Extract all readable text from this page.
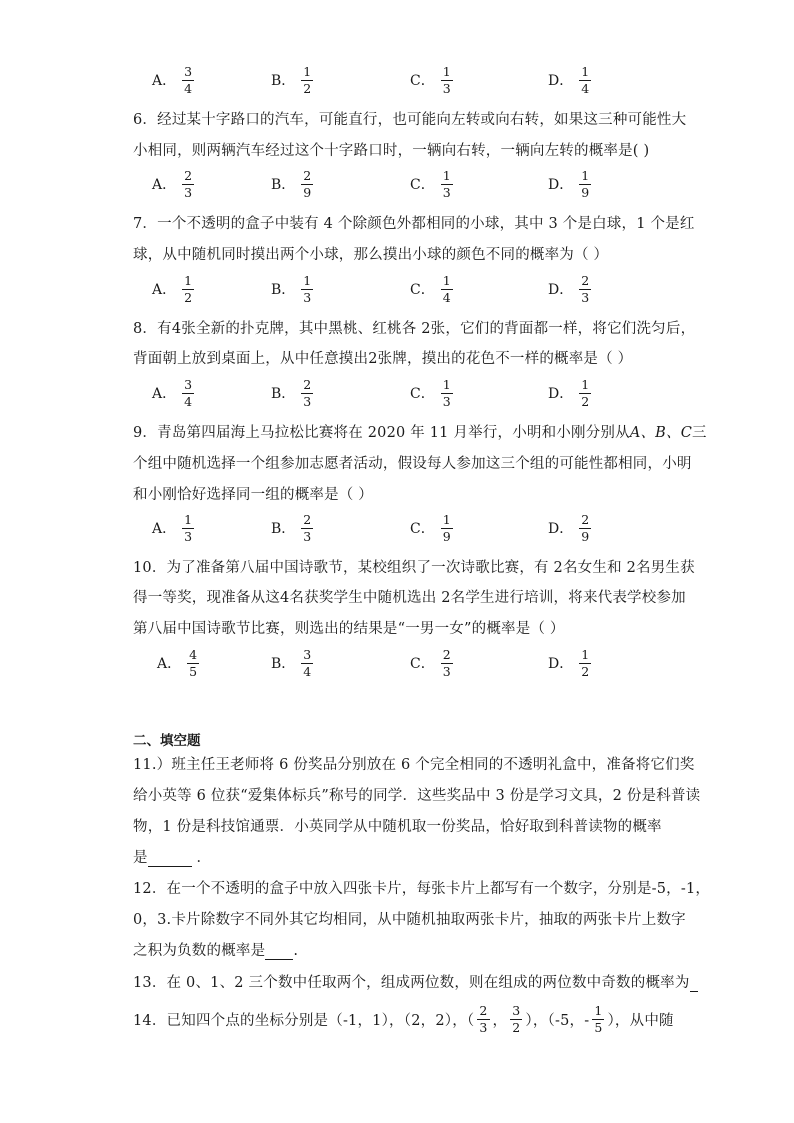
A． $\frac{3}{4}$	B． $\frac{1}{2}$	C． $\frac{1}{3}$	D． $\frac{1}{4}$
6．经过某十字路口的汽车，可能直行，也可能向左转或向右转，如果这三种可能性大
小相同，则两辆汽车经过这个十字路口时，一辆向右转，一辆向左转的概率是( )
A． $\frac{2}{3}$	B． $\frac{2}{9}$	C． $\frac{1}{3}$	D． $\frac{1}{9}$
7．一个不透明的盒子中装有 4 个除颜色外都相同的小球，其中 3 个是白球，1 个是红
球，从中随机同时摸出两个小球，那么摸出小球的颜色不同的概率为（ ）
A． $\frac{1}{2}$	B． $\frac{1}{3}$	C． $\frac{1}{4}$	D． $\frac{2}{3}$
8．有4张全新的扑克牌，其中黑桃、红桃各 2张，它们的背面都一样，将它们洗匀后，
背面朝上放到桌面上，从中任意摸出2张牌，摸出的花色不一样的概率是（ ）
A． $\frac{3}{4}$	B． $\frac{2}{3}$	C． $\frac{1}{3}$	D． $\frac{1}{2}$
9．青岛第四届海上马拉松比赛将在 2020 年 11 月举行，小明和小刚分别从A、B、C三
个组中随机选择一个组参加志愿者活动，假设每人参加这三个组的可能性都相同，小明
和小刚恰好选择同一组的概率是（ ）
A． $\frac{1}{3}$	B． $\frac{2}{3}$	C． $\frac{1}{9}$	D． $\frac{2}{9}$
10．为了准备第八届中国诗歌节，某校组织了一次诗歌比赛，有 2名女生和 2名男生获
得一等奖，现准备从这4名获奖学生中随机选出 2名学生进行培训，将来代表学校参加
第八届中国诗歌节比赛，则选出的结果是“一男一女”的概率是（ ）
A． $\frac{4}{5}$	B． $\frac{3}{4}$	C． $\frac{2}{3}$	D． $\frac{1}{2}$
二、填空题
11.）班主任王老师将 6 份奖品分别放在 6 个完全相同的不透明礼盒中，准备将它们奖
给小英等 6 位获“爱集体标兵”称号的同学．这些奖品中 3 份是学习文具，2 份是科普读
物，1 份是科技馆通票．小英同学从中随机取一份奖品，恰好取到科普读物的概率
是	．
12．在一个不透明的盒子中放入四张卡片，每张卡片上都写有一个数字，分别是-5，-1，
0，3.卡片除数字不同外其它均相同，从中随机抽取两张卡片，抽取的两张卡片上数字
之积为负数的概率是 .
13．在 0、1、2 三个数中任取两个，组成两位数，则在组成的两位数中奇数的概率为
14．已知四个点的坐标分别是（-1，1），（2，2），（ $\frac{2}{3}$ ， $\frac{3}{2}$ ），（-5，- $\frac{1}{5}$ ），从中随
